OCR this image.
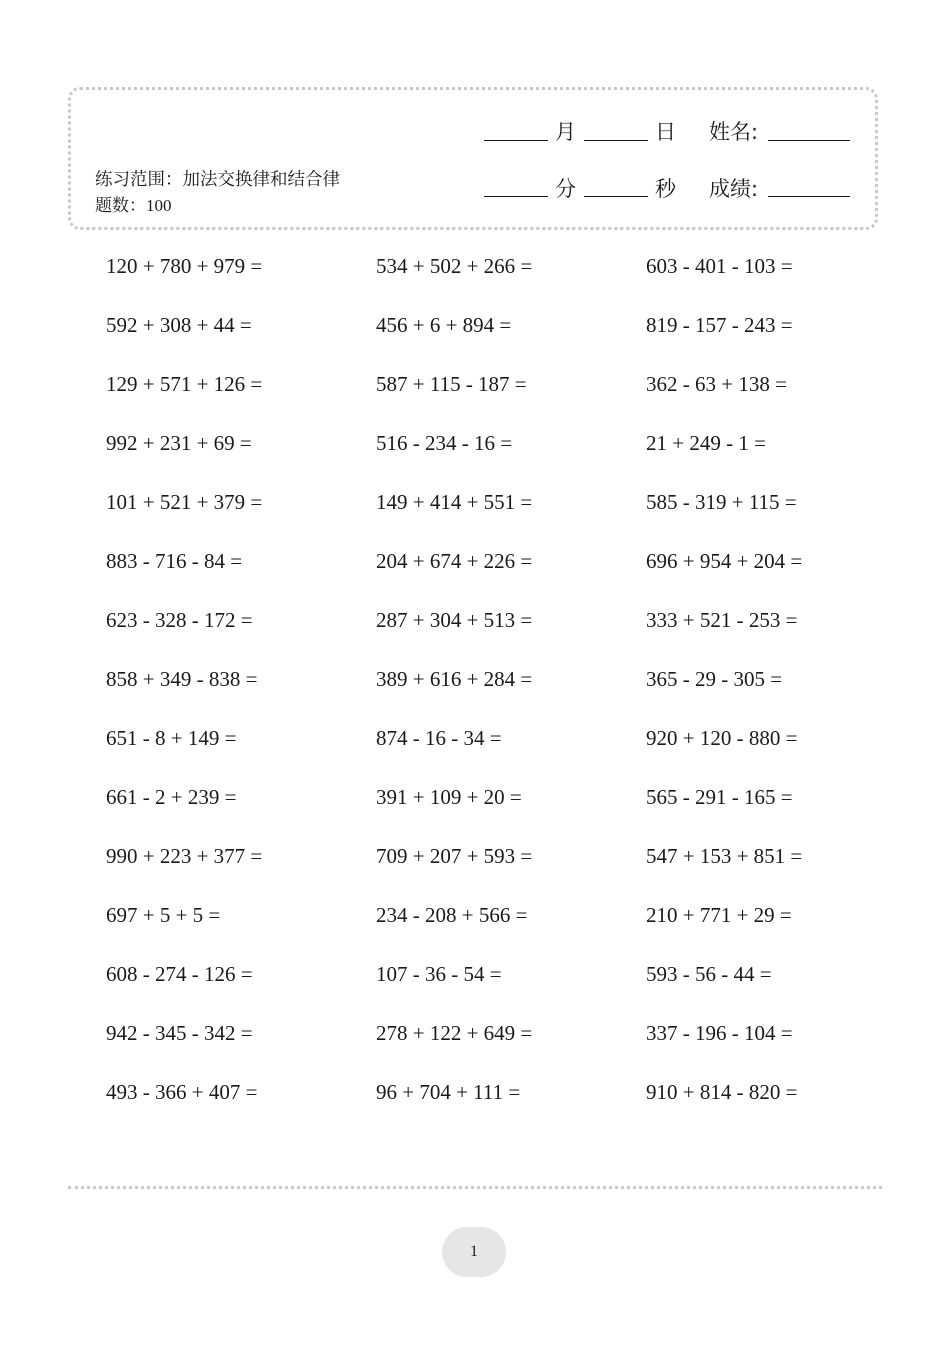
月	日 姓名:
分	秒 成绩:
练习范围：加法交换律和结合律 题数：100
120 + 780 + 979 =
592 + 308 + 44 =
129 + 571 + 126 =
992 + 231 + 69 =
101 + 521 + 379 =
883 - 716 - 84 =
623 - 328 - 172 =
858 + 349 - 838 =
651 - 8 + 149 =
661 - 2 + 239 =
990 + 223 + 377 =
697 + 5 + 5 =
608 - 274 - 126 =
942 - 345 - 342 =
493 - 366 + 407 =
534 + 502 + 266 =
456 + 6 + 894 =
587 + 115 - 187 =
516 - 234 - 16 =
149 + 414 + 551 =
204 + 674 + 226 =
287 + 304 + 513 =
389 + 616 + 284 =
874 - 16 - 34 =
391 + 109 + 20 =
709 + 207 + 593 =
234 - 208 + 566 =
107 - 36 - 54 =
278 + 122 + 649 =
96 + 704 + 111 =
603 - 401 - 103 =
819 - 157 - 243 =
362 - 63 + 138 =
21 + 249 - 1 =
585 - 319 + 115 =
696 + 954 + 204 =
333 + 521 - 253 =
365 - 29 - 305 =
920 + 120 - 880 =
565 - 291 - 165 =
547 + 153 + 851 =
210 + 771 + 29 =
593 - 56 - 44 =
337 - 196 - 104 =
910 + 814 - 820 =
1
